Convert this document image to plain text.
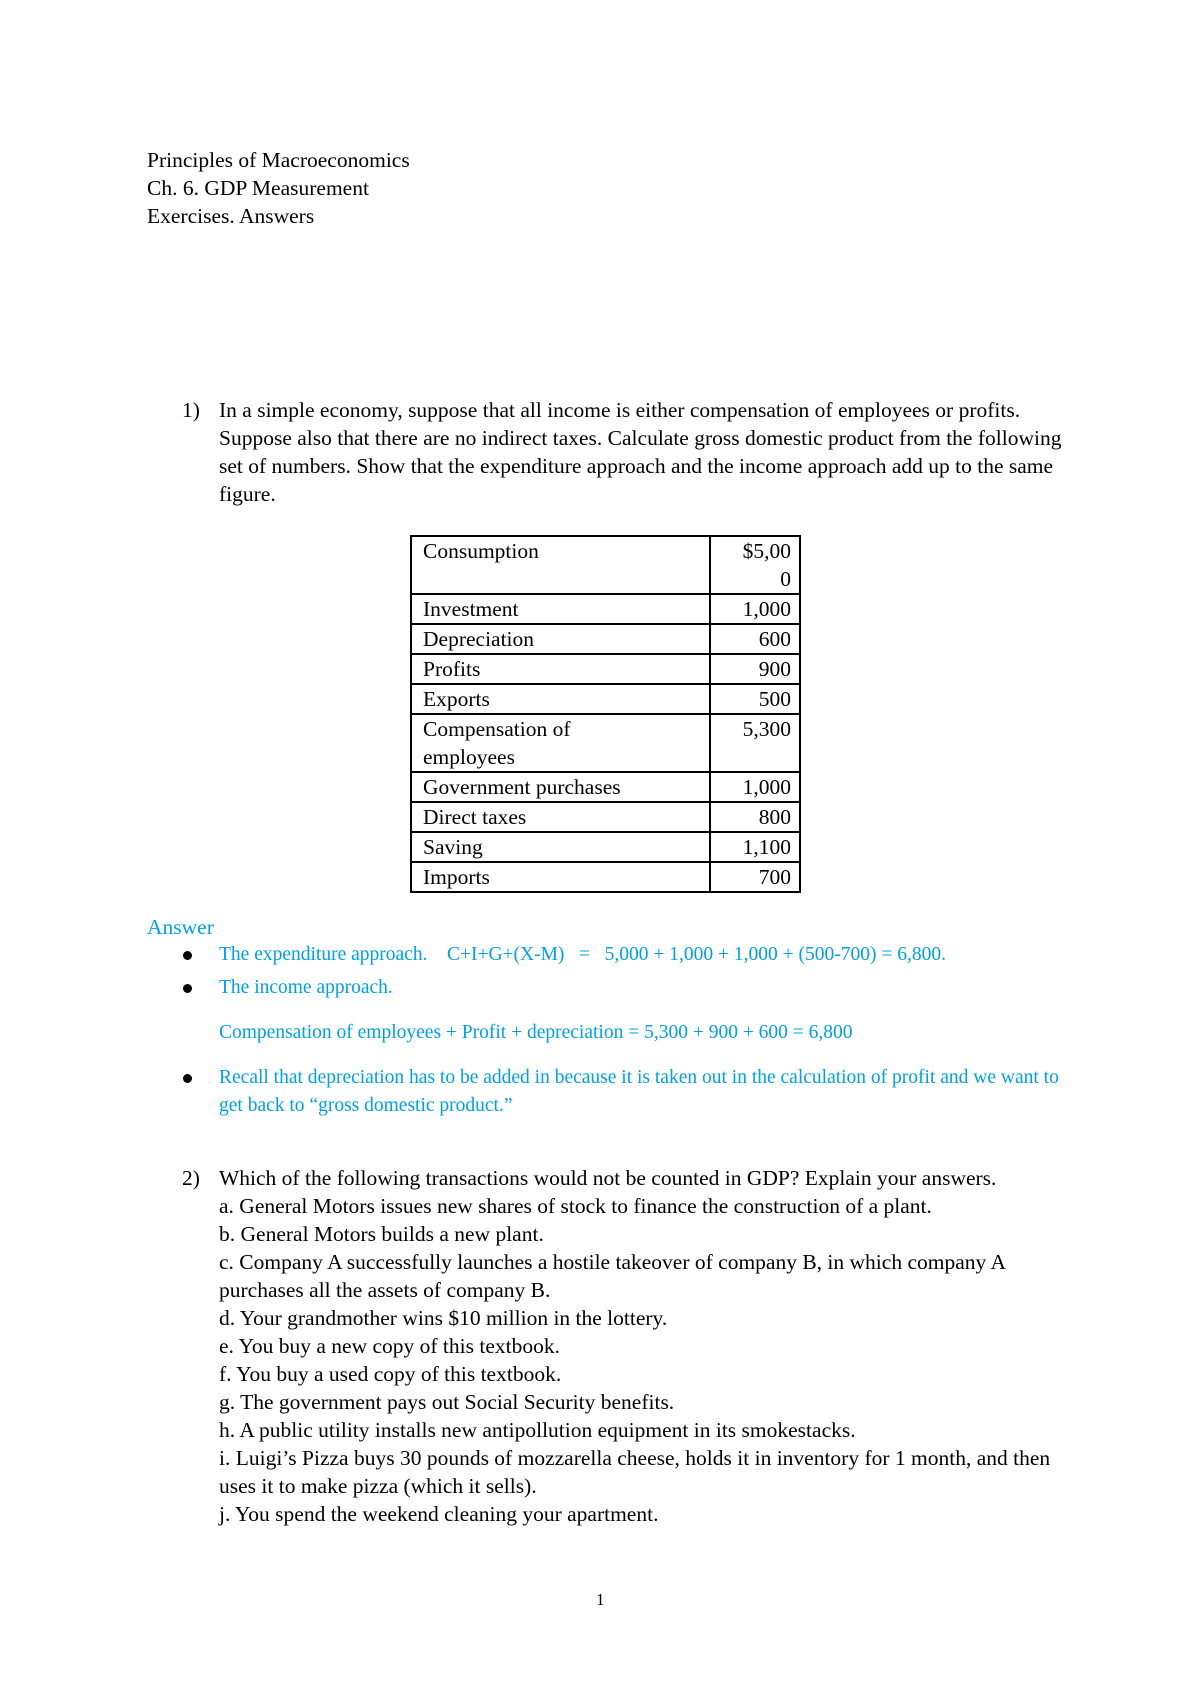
Principles of Macroeconomics
Ch. 6. GDP Measurement
Exercises. Answers
1) In a simple economy, suppose that all income is either compensation of employees or profits. Suppose also that there are no indirect taxes. Calculate gross domestic product from the following set of numbers. Show that the expenditure approach and the income approach add up to the same figure.
Consumption	$5,00
0
Investment	1,000
Depreciation	600
Profits	900
Exports	500
Compensation of employees	5,300
Government purchases	1,000
Direct taxes	800
Saving	1,100
Imports	700
Answer
The expenditure approach.    C+I+G+(X-M)   =   5,000 + 1,000 + 1,000 + (500-700) = 6,800.
The income approach.
Compensation of employees + Profit + depreciation = 5,300 + 900 + 600 = 6,800
Recall that depreciation has to be added in because it is taken out in the calculation of profit and we want to get back to “gross domestic product.”
2) Which of the following transactions would not be counted in GDP? Explain your answers.
a. General Motors issues new shares of stock to finance the construction of a plant.
b. General Motors builds a new plant.
c. Company A successfully launches a hostile takeover of company B, in which company A purchases all the assets of company B.
d. Your grandmother wins $10 million in the lottery.
e. You buy a new copy of this textbook.
f. You buy a used copy of this textbook.
g. The government pays out Social Security benefits.
h. A public utility installs new antipollution equipment in its smokestacks.
i. Luigi’s Pizza buys 30 pounds of mozzarella cheese, holds it in inventory for 1 month, and then uses it to make pizza (which it sells).
j. You spend the weekend cleaning your apartment.
1
